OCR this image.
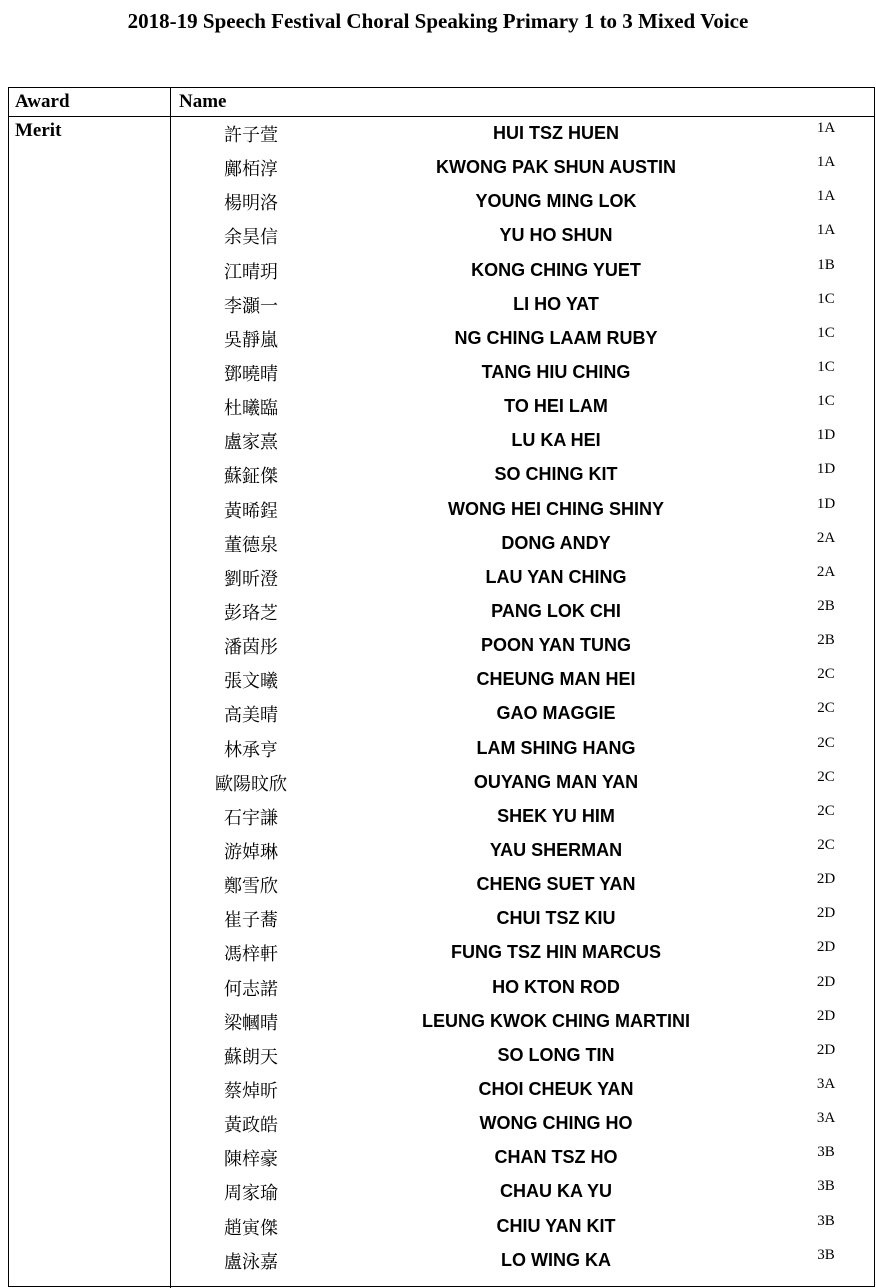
2018-19 Speech Festival Choral Speaking Primary 1 to 3 Mixed Voice
Award	Name
Merit	許子萱	HUI TSZ HUEN	1A
鄺栢淳	KWONG PAK SHUN AUSTIN	1A
楊明洛	YOUNG MING LOK	1A
余昊信	YU HO SHUN	1A
江晴玥	KONG CHING YUET	1B
李灝一	LI HO YAT	1C
吳靜嵐	NG CHING LAAM RUBY	1C
鄧曉晴	TANG HIU CHING	1C
杜曦臨	TO HEI LAM	1C
盧家熹	LU KA HEI	1D
蘇鉦傑	SO CHING KIT	1D
黃晞鋥	WONG HEI CHING SHINY	1D
董德泉	DONG ANDY	2A
劉昕澄	LAU YAN CHING	2A
彭珞芝	PANG LOK CHI	2B
潘茵彤	POON YAN TUNG	2B
張文曦	CHEUNG MAN HEI	2C
高美晴	GAO MAGGIE	2C
林承亨	LAM SHING HANG	2C
歐陽旼欣	OUYANG MAN YAN	2C
石宇謙	SHEK YU HIM	2C
游婥琳	YAU SHERMAN	2C
鄭雪欣	CHENG SUET YAN	2D
崔子蕎	CHUI TSZ KIU	2D
馮梓軒	FUNG TSZ HIN MARCUS	2D
何志諾	HO KTON ROD	2D
梁幗晴	LEUNG KWOK CHING MARTINI	2D
蘇朗天	SO LONG TIN	2D
蔡焯昕	CHOI CHEUK YAN	3A
黃政皓	WONG CHING HO	3A
陳梓豪	CHAN TSZ HO	3B
周家瑜	CHAU KA YU	3B
趙寅傑	CHIU YAN KIT	3B
盧泳嘉	LO WING KA	3B
